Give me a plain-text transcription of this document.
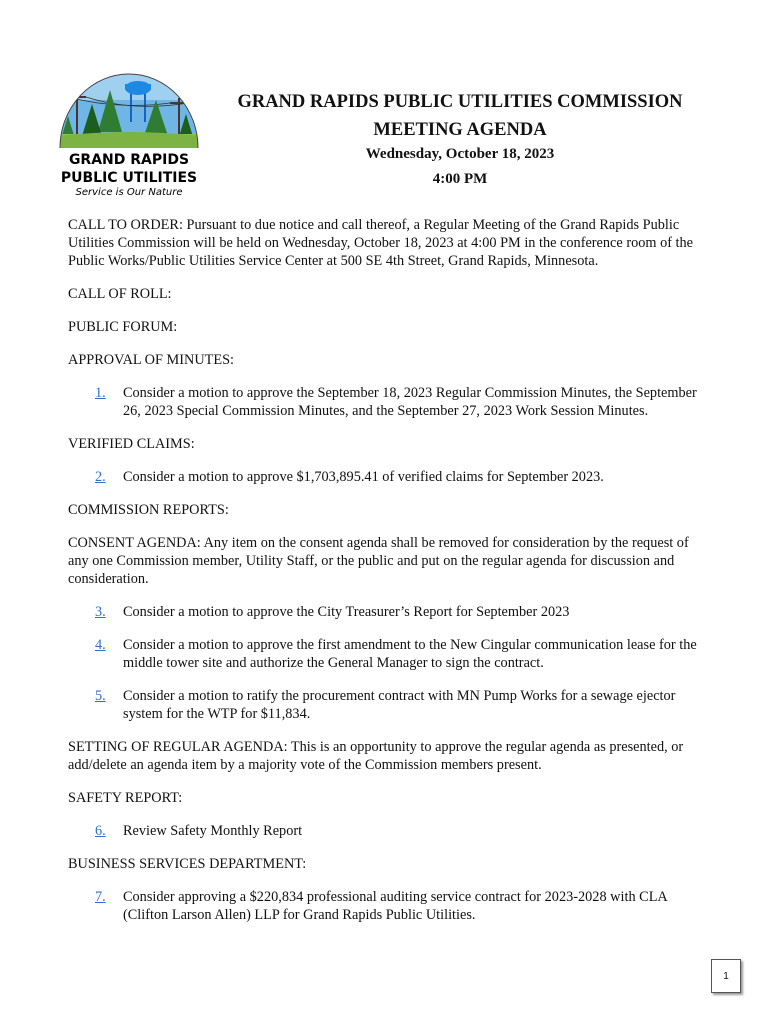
GRAND RAPIDS
PUBLIC UTILITIES
Service is Our Nature
GRAND RAPIDS PUBLIC UTILITIES COMMISSION
MEETING AGENDA
Wednesday, October 18, 2023
4:00 PM

CALL TO ORDER: Pursuant to due notice and call thereof, a Regular Meeting of the Grand Rapids Public Utilities Commission will be held on Wednesday, October 18, 2023 at 4:00 PM in the conference room of the Public Works/Public Utilities Service Center at 500 SE 4th Street, Grand Rapids, Minnesota.

CALL OF ROLL:

PUBLIC FORUM:

APPROVAL OF MINUTES:

1.	Consider a motion to approve the September 18, 2023 Regular Commission Minutes, the September 26, 2023 Special Commission Minutes, and the September 27, 2023 Work Session Minutes.

VERIFIED CLAIMS:

2.	Consider a motion to approve $1,703,895.41 of verified claims for September 2023.

COMMISSION REPORTS:

CONSENT AGENDA: Any item on the consent agenda shall be removed for consideration by the request of any one Commission member, Utility Staff, or the public and put on the regular agenda for discussion and consideration.

3.	Consider a motion to approve the City Treasurer’s Report for September 2023
4.	Consider a motion to approve the first amendment to the New Cingular communication lease for the middle tower site and authorize the General Manager to sign the contract.
5.	Consider a motion to ratify the procurement contract with MN Pump Works for a sewage ejector system for the WTP for $11,834.

SETTING OF REGULAR AGENDA: This is an opportunity to approve the regular agenda as presented, or add/delete an agenda item by a majority vote of the Commission members present.

SAFETY REPORT:

6.	Review Safety Monthly Report

BUSINESS SERVICES DEPARTMENT:

7.	Consider approving a $220,834 professional auditing service contract for 2023-2028 with CLA (Clifton Larson Allen) LLP for Grand Rapids Public Utilities.
1
